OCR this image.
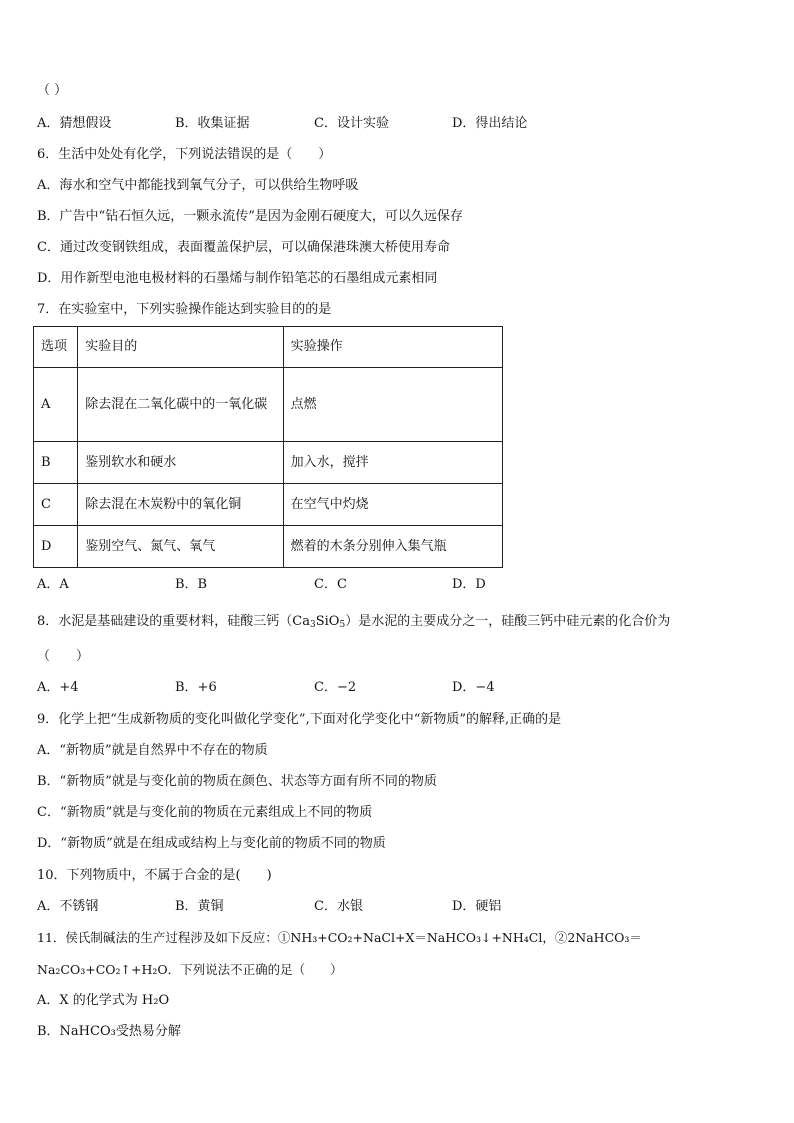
（ ）
A．猜想假设	B．收集证据	C．设计实验	D．得出结论
6．生活中处处有化学，下列说法错误的是（　　）
A．海水和空气中都能找到氧气分子，可以供给生物呼吸
B．广告中“钻石恒久远，一颗永流传”是因为金刚石硬度大，可以久远保存
C．通过改变钢铁组成，表面覆盖保护层，可以确保港珠澳大桥使用寿命
D．用作新型电池电极材料的石墨烯与制作铅笔芯的石墨组成元素相同
7．在实验室中，下列实验操作能达到实验目的的是
选项	实验目的	实验操作
A	除去混在二氧化碳中的一氧化碳	点燃
B	鉴别软水和硬水	加入水，搅拌
C	除去混在木炭粉中的氧化铜	在空气中灼烧
D	鉴别空气、氮气、氧气	燃着的木条分别伸入集气瓶
A．A	B．B	C．C	D．D
8．水泥是基础建设的重要材料，硅酸三钙$(Ca_3SiO_5)$是水泥的主要成分之一，硅酸三钙中硅元素的化合价为
（　　）
A．+4	B．+6	C．−2	D．−4
9．化学上把“生成新物质的变化叫做化学变化”,下面对化学变化中“新物质”的解释,正确的是
A．“新物质”就是自然界中不存在的物质
B．“新物质”就是与变化前的物质在颜色、状态等方面有所不同的物质
C．“新物质”就是与变化前的物质在元素组成上不同的物质
D．“新物质”就是在组成或结构上与变化前的物质不同的物质
10．下列物质中，不属于合金的是(　　)
A．不锈钢	B．黄铜	C．水银	D．硬铝
11．侯氏制碱法的生产过程涉及如下反应：①NH₃+CO₂+NaCl+X＝NaHCO₃↓+NH₄Cl，②2NaHCO₃＝
Na₂CO₃+CO₂↑+H₂O．下列说法不正确的足（　　）
A．X 的化学式为 H₂O
B．NaHCO₃受热易分解
